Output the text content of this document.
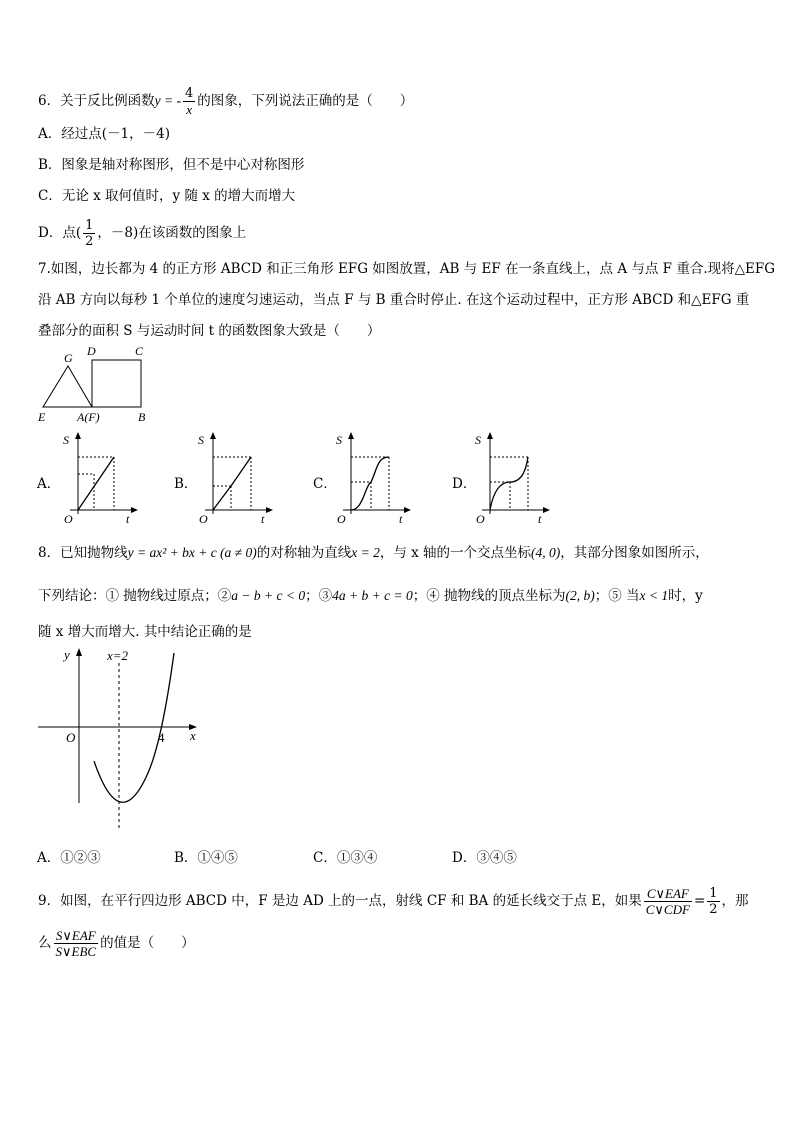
6．关于反比例函数y = - $\frac{4}{x}$ 的图象，下列说法正确的是（　　）
A．经过点(－1，－4)
B．图象是轴对称图形，但不是中心对称图形
C．无论 x 取何值时，y 随 x 的增大而增大
D．点( $\frac{1}{2}$ ，－8)在该函数的图象上
7.如图，边长都为 4 的正方形 ABCD 和正三角形 EFG 如图放置，AB 与 EF 在一条直线上，点 A 与点 F 重合.现将△EFG
沿 AB 方向以每秒 1 个单位的速度匀速运动，当点 F 与 B 重合时停止. 在这个运动过程中，正方形 ABCD 和△EFG 重
叠部分的面积 S 与运动时间 t 的函数图象大致是（　　）
G D	C
E	A(F)	B
A．
S
O	t
B．
S
O	t
C．
S
O	t
D．
S
O	t
8．已知抛物线y = ax² + bx + c (a ≠ 0)的对称轴为直线x = 2，与 x 轴的一个交点坐标(4, 0)，其部分图象如图所示，
下列结论：① 抛物线过原点；②a − b + c < 0；③4a + b + c = 0；④ 抛物线的顶点坐标为(2, b)；⑤ 当x < 1时，y
随 x 增大而增大. 其中结论正确的是
y	x=2
O	4 x
A．①②③	B．①④⑤	C．①③④	D．③④⑤
9．如图，在平行四边形 ABCD 中，F 是边 AD 上的一点，射线 CF 和 BA 的延长线交于点 E，如果 $\frac{\text{C∨EAF}}{\text{C∨CDF}} = \frac{1}{2}$ ，那
么 $\frac{\text{S∨EAF}}{\text{S∨EBC}}$ 的值是（　　）
